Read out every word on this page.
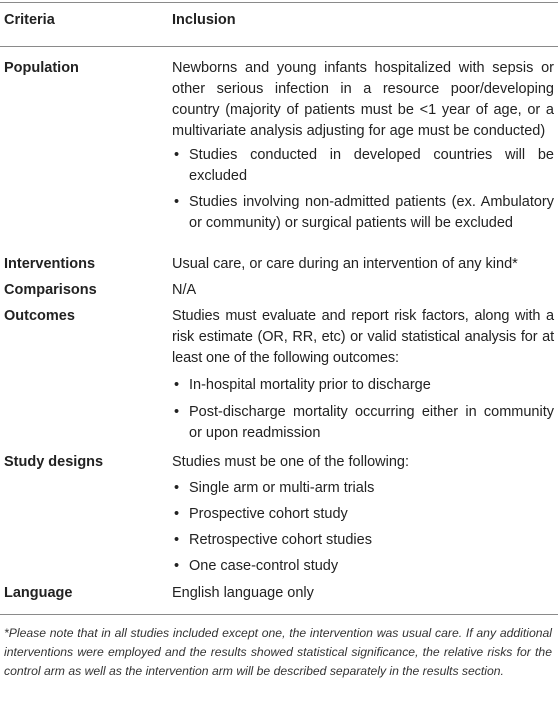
Criteria	Inclusion
Population	Newborns and young infants hospitalized with sepsis or other serious infection in a resource poor/developing country (majority of patients must be <1 year of age, or a multivariate analysis adjusting for age must be conducted)
• Studies conducted in developed countries will be excluded
• Studies involving non-admitted patients (ex. Ambulatory or community) or surgical patients will be excluded
Interventions	Usual care, or care during an intervention of any kind*
Comparisons	N/A
Outcomes	Studies must evaluate and report risk factors, along with a risk estimate (OR, RR, etc) or valid statistical analysis for at least one of the following outcomes:
• In-hospital mortality prior to discharge
• Post-discharge mortality occurring either in community or upon readmission
Study designs	Studies must be one of the following:
• Single arm or multi-arm trials
• Prospective cohort study
• Retrospective cohort studies
• One case-control study
Language	English language only
*Please note that in all studies included except one, the intervention was usual care. If any additional interventions were employed and the results showed statistical significance, the relative risks for the control arm as well as the intervention arm will be described separately in the results section.
